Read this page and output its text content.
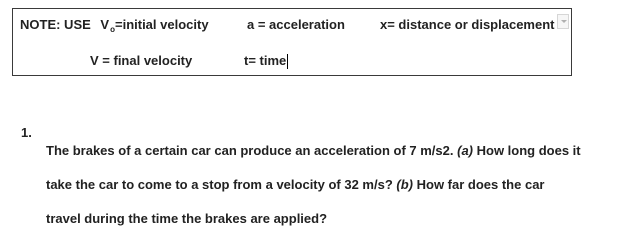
NOTE: USE $V_o=initial$ velocity	a = acceleration	x= distance or displacement
V = final velocity	t= time
1.

The brakes of a certain car can produce an acceleration of 7 m/s2. (a) How long does it

take the car to come to a stop from a velocity of 32 m/s? (b) How far does the car

travel during the time the brakes are applied?
